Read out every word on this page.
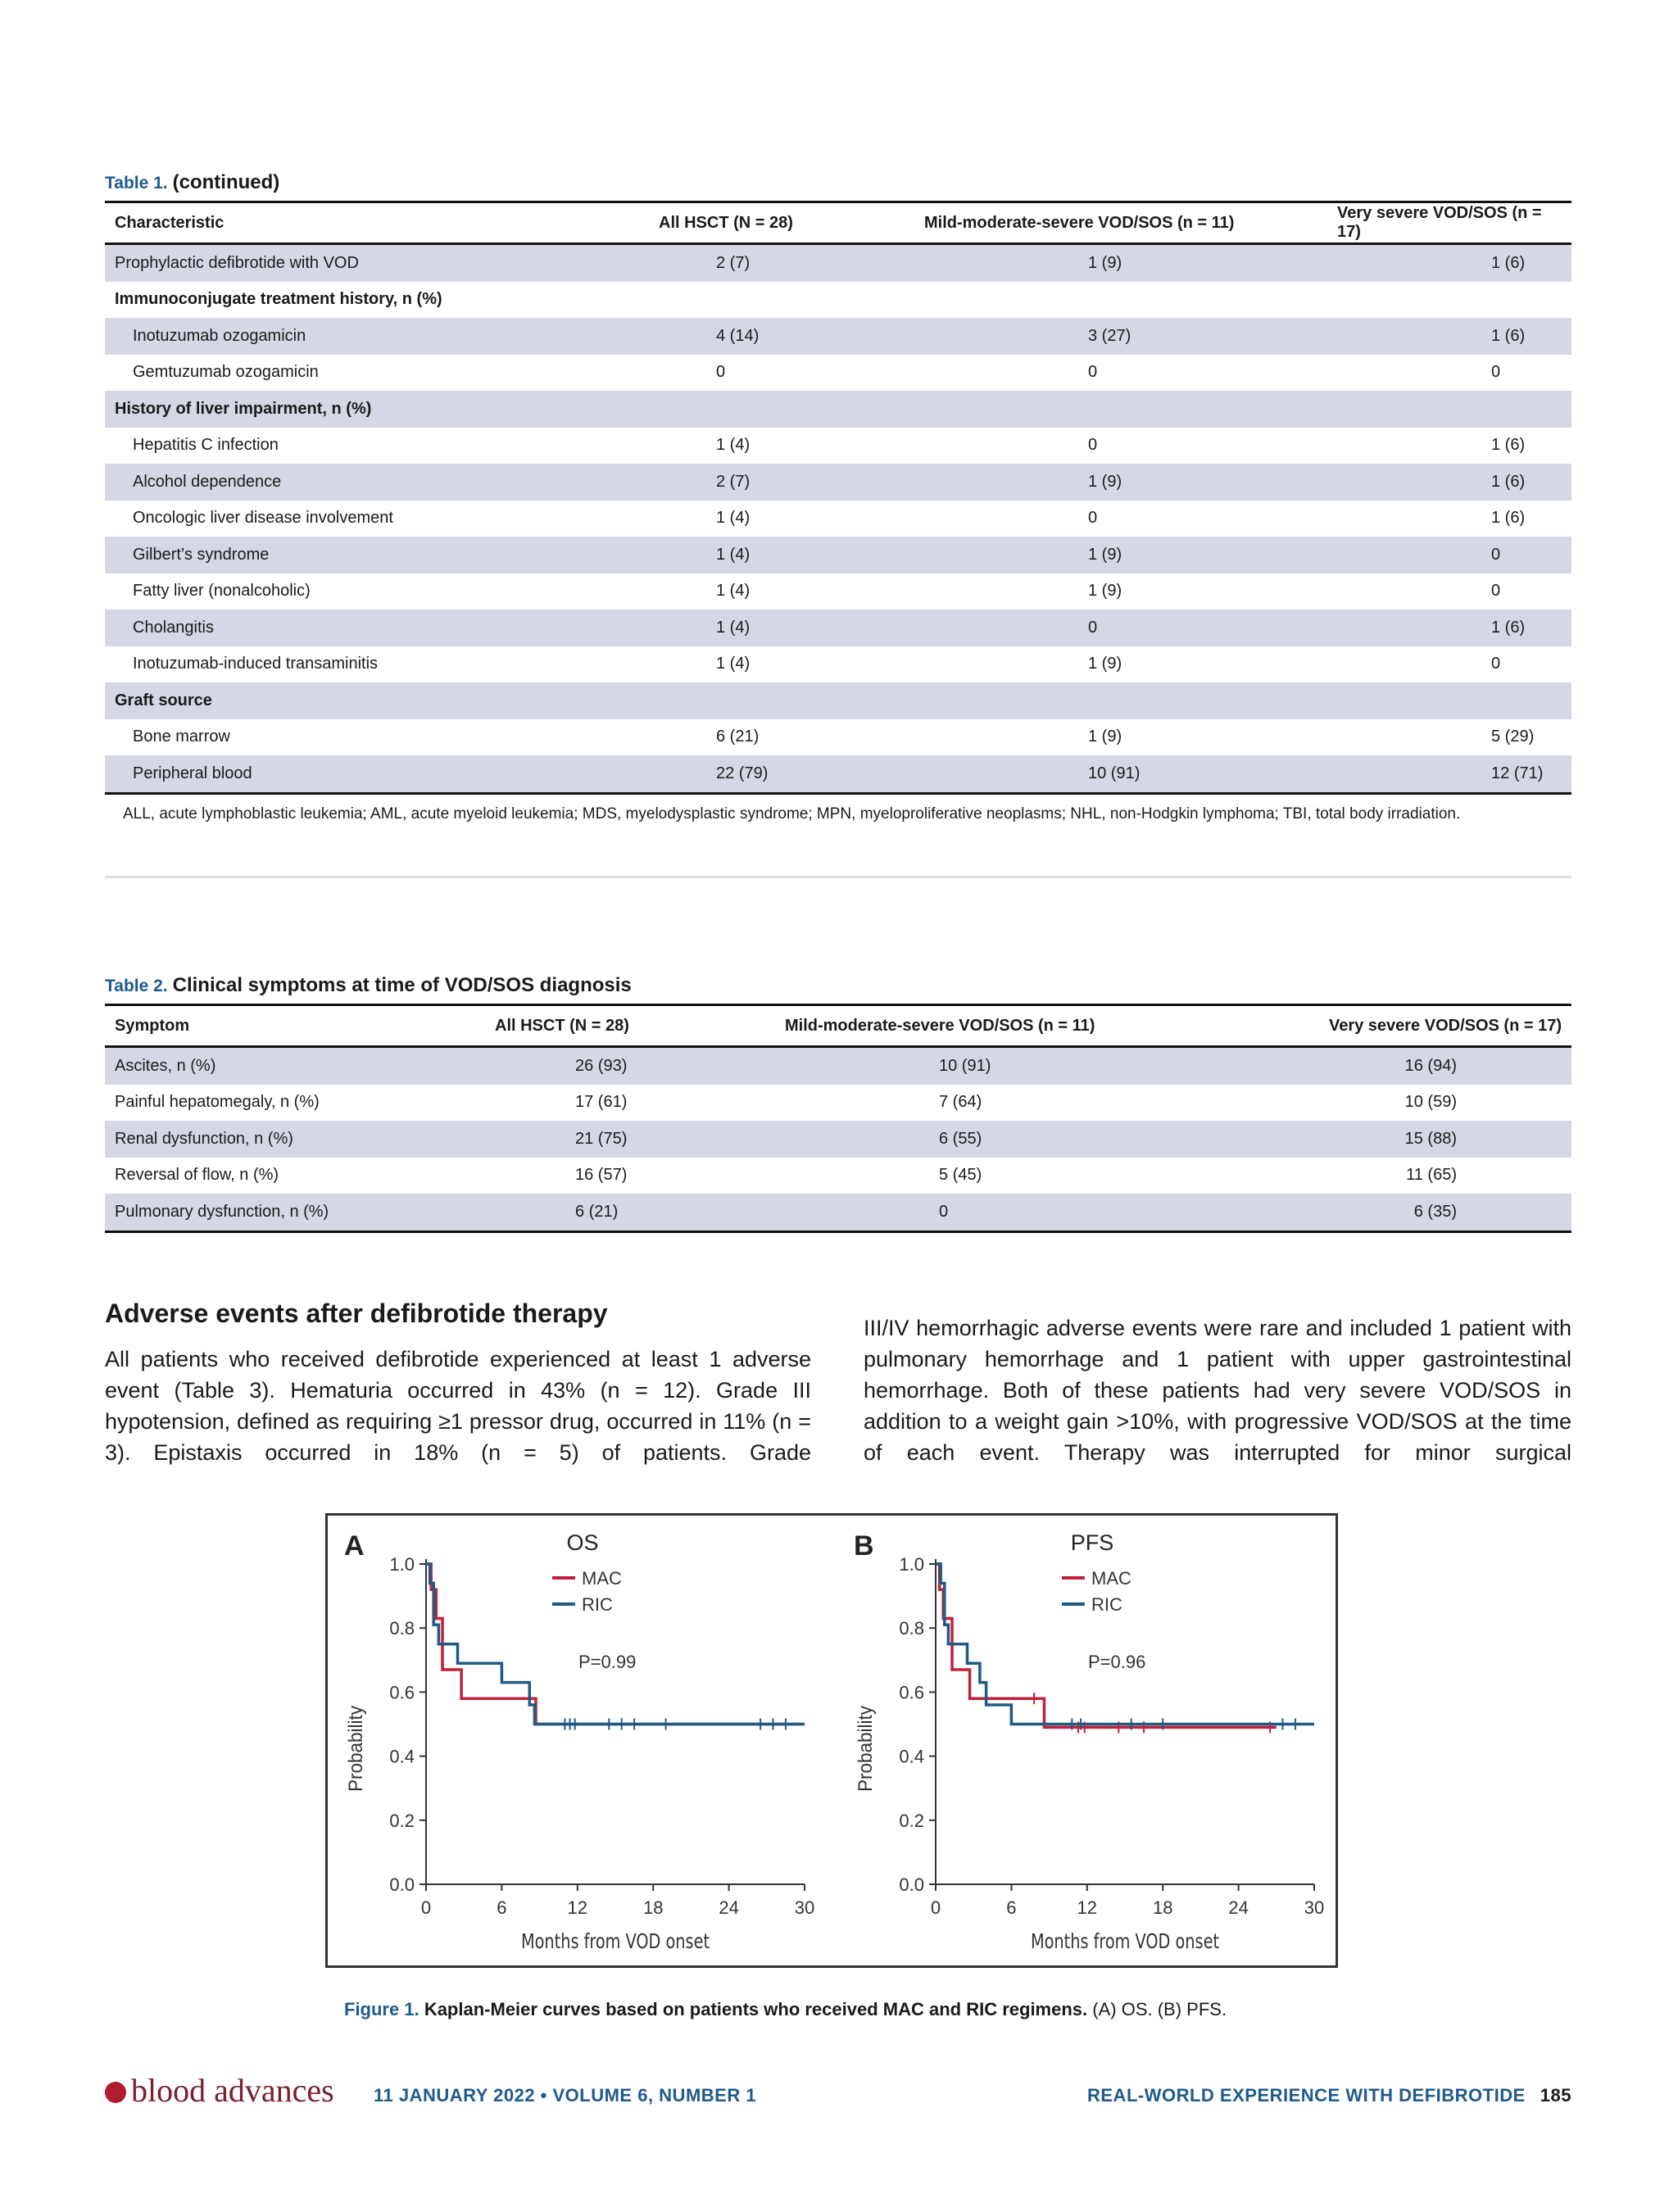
Table 1. (continued)
Characteristic	All HSCT (N = 28)	Mild-moderate-severe VOD/SOS (n = 11)	Very severe VOD/SOS (n = 17)
Prophylactic defibrotide with VOD	2 (7)	1 (9)	1 (6)
Immunoconjugate treatment history, n (%)			
Inotuzumab ozogamicin	4 (14)	3 (27)	1 (6)
Gemtuzumab ozogamicin	0	0	0
History of liver impairment, n (%)			
Hepatitis C infection	1 (4)	0	1 (6)
Alcohol dependence	2 (7)	1 (9)	1 (6)
Oncologic liver disease involvement	1 (4)	0	1 (6)
Gilbert’s syndrome	1 (4)	1 (9)	0
Fatty liver (nonalcoholic)	1 (4)	1 (9)	0
Cholangitis	1 (4)	0	1 (6)
Inotuzumab-induced transaminitis	1 (4)	1 (9)	0
Graft source			
Bone marrow	6 (21)	1 (9)	5 (29)
Peripheral blood	22 (79)	10 (91)	12 (71)
ALL, acute lymphoblastic leukemia; AML, acute myeloid leukemia; MDS, myelodysplastic syndrome; MPN, myeloproliferative neoplasms; NHL, non-Hodgkin lymphoma; TBI, total body irradiation.
Table 2. Clinical symptoms at time of VOD/SOS diagnosis
Symptom	All HSCT (N = 28)	Mild-moderate-severe VOD/SOS (n = 11)	Very severe VOD/SOS (n = 17)
Ascites, n (%)	26 (93)	10 (91)	16 (94)
Painful hepatomegaly, n (%)	17 (61)	7 (64)	10 (59)
Renal dysfunction, n (%)	21 (75)	6 (55)	15 (88)
Reversal of flow, n (%)	16 (57)	5 (45)	11 (65)
Pulmonary dysfunction, n (%)	6 (21)	0	6 (35)
Adverse events after defibrotide therapy
All patients who received defibrotide experienced at least 1 adverse event (Table 3). Hematuria occurred in 43% (n = 12). Grade III hypotension, defined as requiring ≥1 pressor drug, occurred in 11% (n = 3). Epistaxis occurred in 18% (n = 5) of patients. Grade
III/IV hemorrhagic adverse events were rare and included 1 patient with pulmonary hemorrhage and 1 patient with upper gastrointestinal hemorrhage. Both of these patients had very severe VOD/SOS in addition to a weight gain >10%, with progressive VOD/SOS at the time of each event. Therapy was interrupted for minor surgical
A	OS
0.0
0.2
0.4
0.6
0.8
1.0
0	6	12	18	24	30
Months from VOD onset
Probability
MAC
RIC
P=0.99
B	PFS
0.0
0.2
0.4
0.6
0.8
1.0
0	6	12	18	24	30
Months from VOD onset
Probability
MAC
RIC
P=0.96
Figure 1. Kaplan-Meier curves based on patients who received MAC and RIC regimens. (A) OS. (B) PFS.
blood advances 11 JANUARY 2022 • VOLUME 6, NUMBER 1	REAL-WORLD EXPERIENCE WITH DEFIBROTIDE 185
